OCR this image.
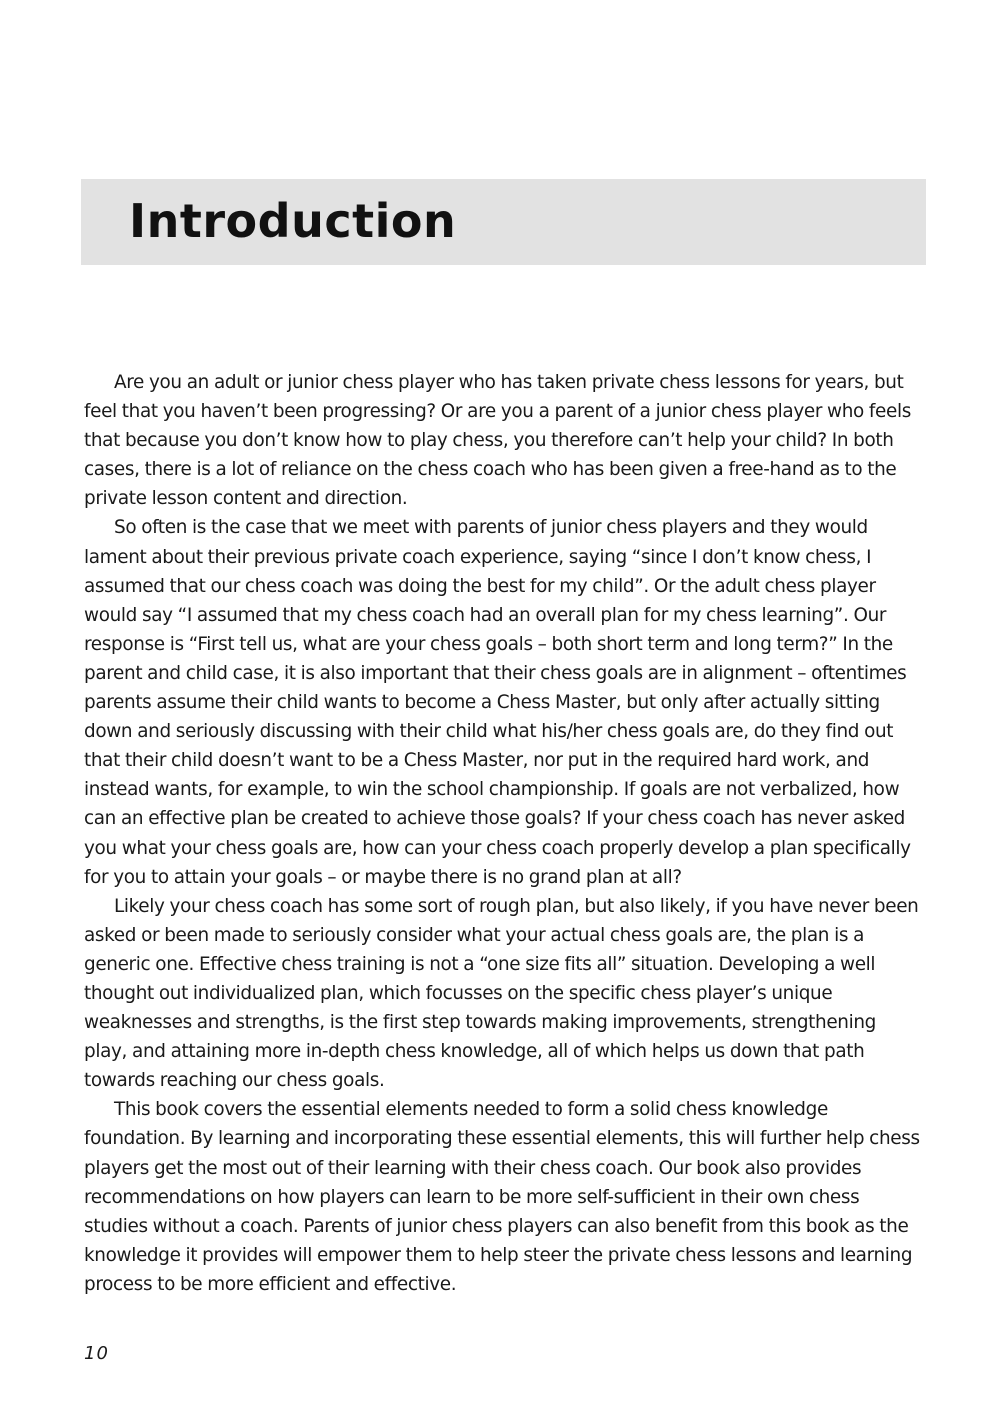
Introduction

Are you an adult or junior chess player who has taken private chess lessons for years, but feel that you haven’t been progressing? Or are you a parent of a junior chess player who feels that because you don’t know how to play chess, you therefore can’t help your child? In both cases, there is a lot of reliance on the chess coach who has been given a free-hand as to the private lesson content and direction.

So often is the case that we meet with parents of junior chess players and they would lament about their previous private coach experience, saying “since I don’t know chess, I assumed that our chess coach was doing the best for my child”. Or the adult chess player would say “I assumed that my chess coach had an overall plan for my chess learning”. Our response is “First tell us, what are your chess goals – both short term and long term?” In the parent and child case, it is also important that their chess goals are in alignment – oftentimes parents assume their child wants to become a Chess Master, but only after actually sitting down and seriously discussing with their child what his/her chess goals are, do they find out that their child doesn’t want to be a Chess Master, nor put in the required hard work, and instead wants, for example, to win the school championship. If goals are not verbalized, how can an effective plan be created to achieve those goals? If your chess coach has never asked you what your chess goals are, how can your chess coach properly develop a plan specifically for you to attain your goals – or maybe there is no grand plan at all?

Likely your chess coach has some sort of rough plan, but also likely, if you have never been asked or been made to seriously consider what your actual chess goals are, the plan is a generic one. Effective chess training is not a “one size fits all” situation. Developing a well thought out individualized plan, which focusses on the specific chess player’s unique weaknesses and strengths, is the first step towards making improvements, strengthening play, and attaining more in-depth chess knowledge, all of which helps us down that path towards reaching our chess goals.

This book covers the essential elements needed to form a solid chess knowledge foundation. By learning and incorporating these essential elements, this will further help chess players get the most out of their learning with their chess coach. Our book also provides recommendations on how players can learn to be more self-sufficient in their own chess studies without a coach. Parents of junior chess players can also benefit from this book as the knowledge it provides will empower them to help steer the private chess lessons and learning process to be more efficient and effective.

10
